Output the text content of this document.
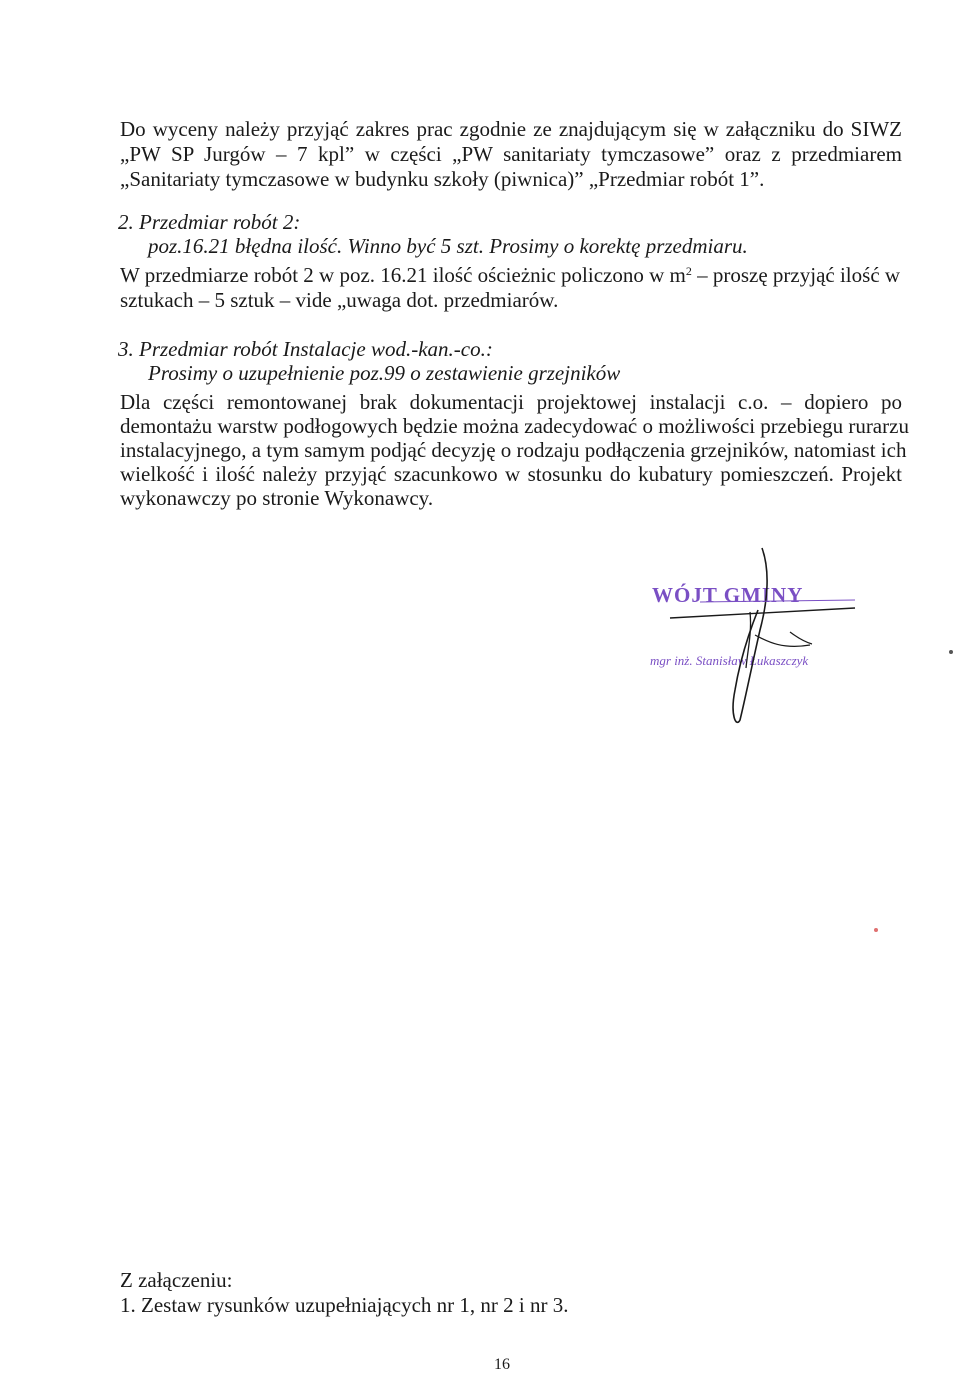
Do wyceny należy przyjąć zakres prac zgodnie ze znajdującym się w załączniku do SIWZ
„PW SP Jurgów – 7 kpl” w części „PW sanitariaty tymczasowe” oraz z przedmiarem
„Sanitariaty tymczasowe w budynku szkoły (piwnica)” „Przedmiar robót 1”.
2. Przedmiar robót 2:
poz.16.21 błędna ilość. Winno być 5 szt. Prosimy o korektę przedmiaru.
W przedmiarze robót 2 w poz. 16.21 ilość ościeżnic policzono w $m^2$ – proszę przyjąć ilość w
sztukach – 5 sztuk – vide „uwaga dot. przedmiarów.
3. Przedmiar robót Instalacje wod.-kan.-co.:
Prosimy o uzupełnienie poz.99 o zestawienie grzejników
Dla części remontowanej brak dokumentacji projektowej instalacji c.o. – dopiero po
demontażu warstw podłogowych będzie można zadecydować o możliwości przebiegu rurarzu
instalacyjnego, a tym samym podjąć decyzję o rodzaju podłączenia grzejników, natomiast ich
wielkość i ilość należy przyjąć szacunkowo w stosunku do kubatury pomieszczeń. Projekt
wykonawczy po stronie Wykonawcy.
WÓJT GMINY
mgr inż. Stanisław Łukaszczyk
Z załączeniu:
1. Zestaw rysunków uzupełniających nr 1, nr 2 i nr 3.
16
